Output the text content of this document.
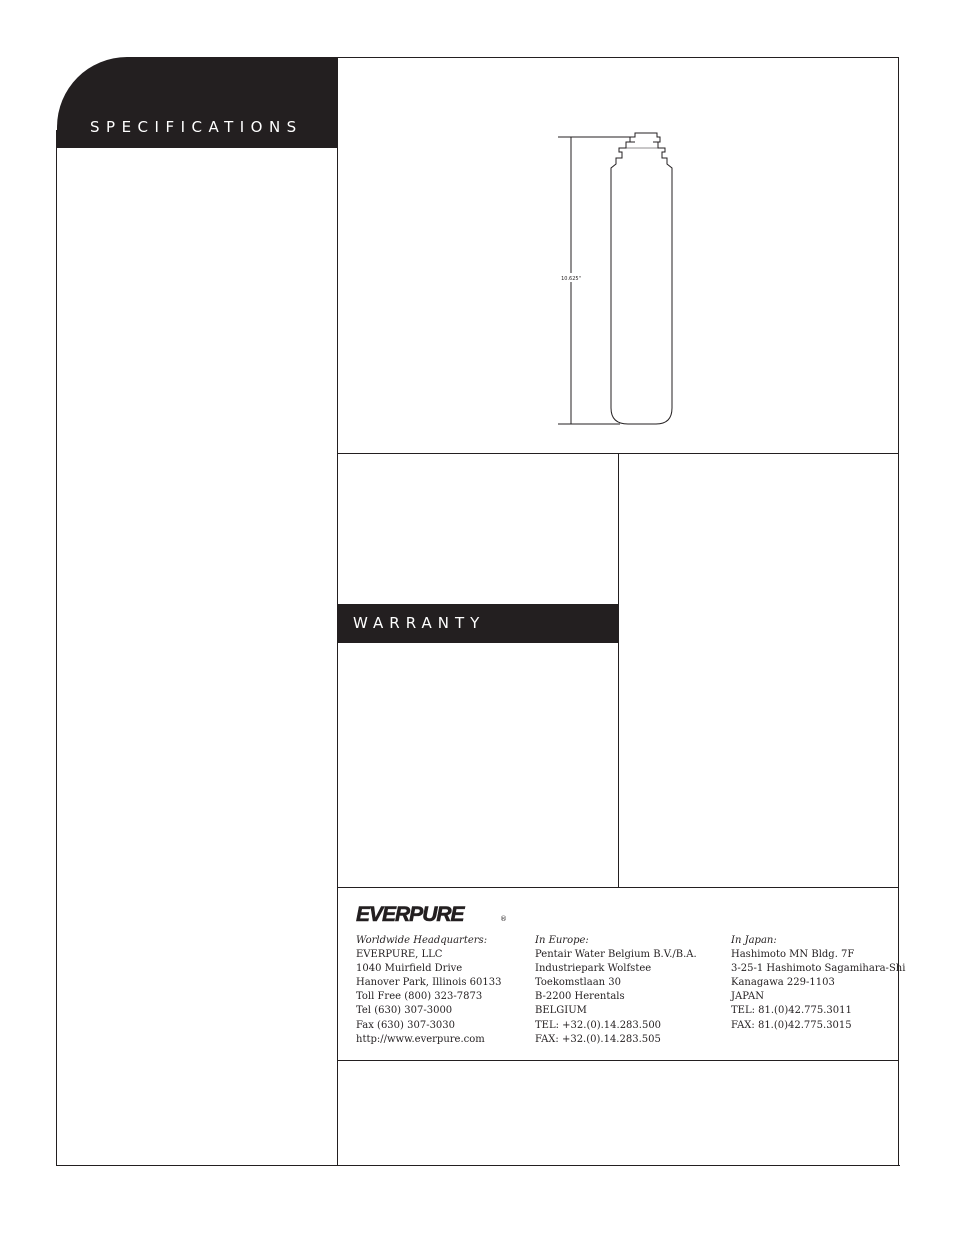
SPECIFICATIONS
10.625"
WARRANTY
EVERPURE	®
Worldwide Headquarters:
EVERPURE, LLC
1040 Muirfield Drive
Hanover Park, Illinois 60133
Toll Free (800) 323-7873
Tel (630) 307-3000
Fax (630) 307-3030
http://www.everpure.com
In Europe:
Pentair Water Belgium B.V./B.A.
Industriepark Wolfstee
Toekomstlaan 30
B-2200 Herentals
BELGIUM
TEL: +32.(0).14.283.500
FAX: +32.(0).14.283.505
In Japan:
Hashimoto MN Bldg. 7F
3-25-1 Hashimoto Sagamihara-Shi
Kanagawa 229-1103
JAPAN
TEL: 81.(0)42.775.3011
FAX: 81.(0)42.775.3015
